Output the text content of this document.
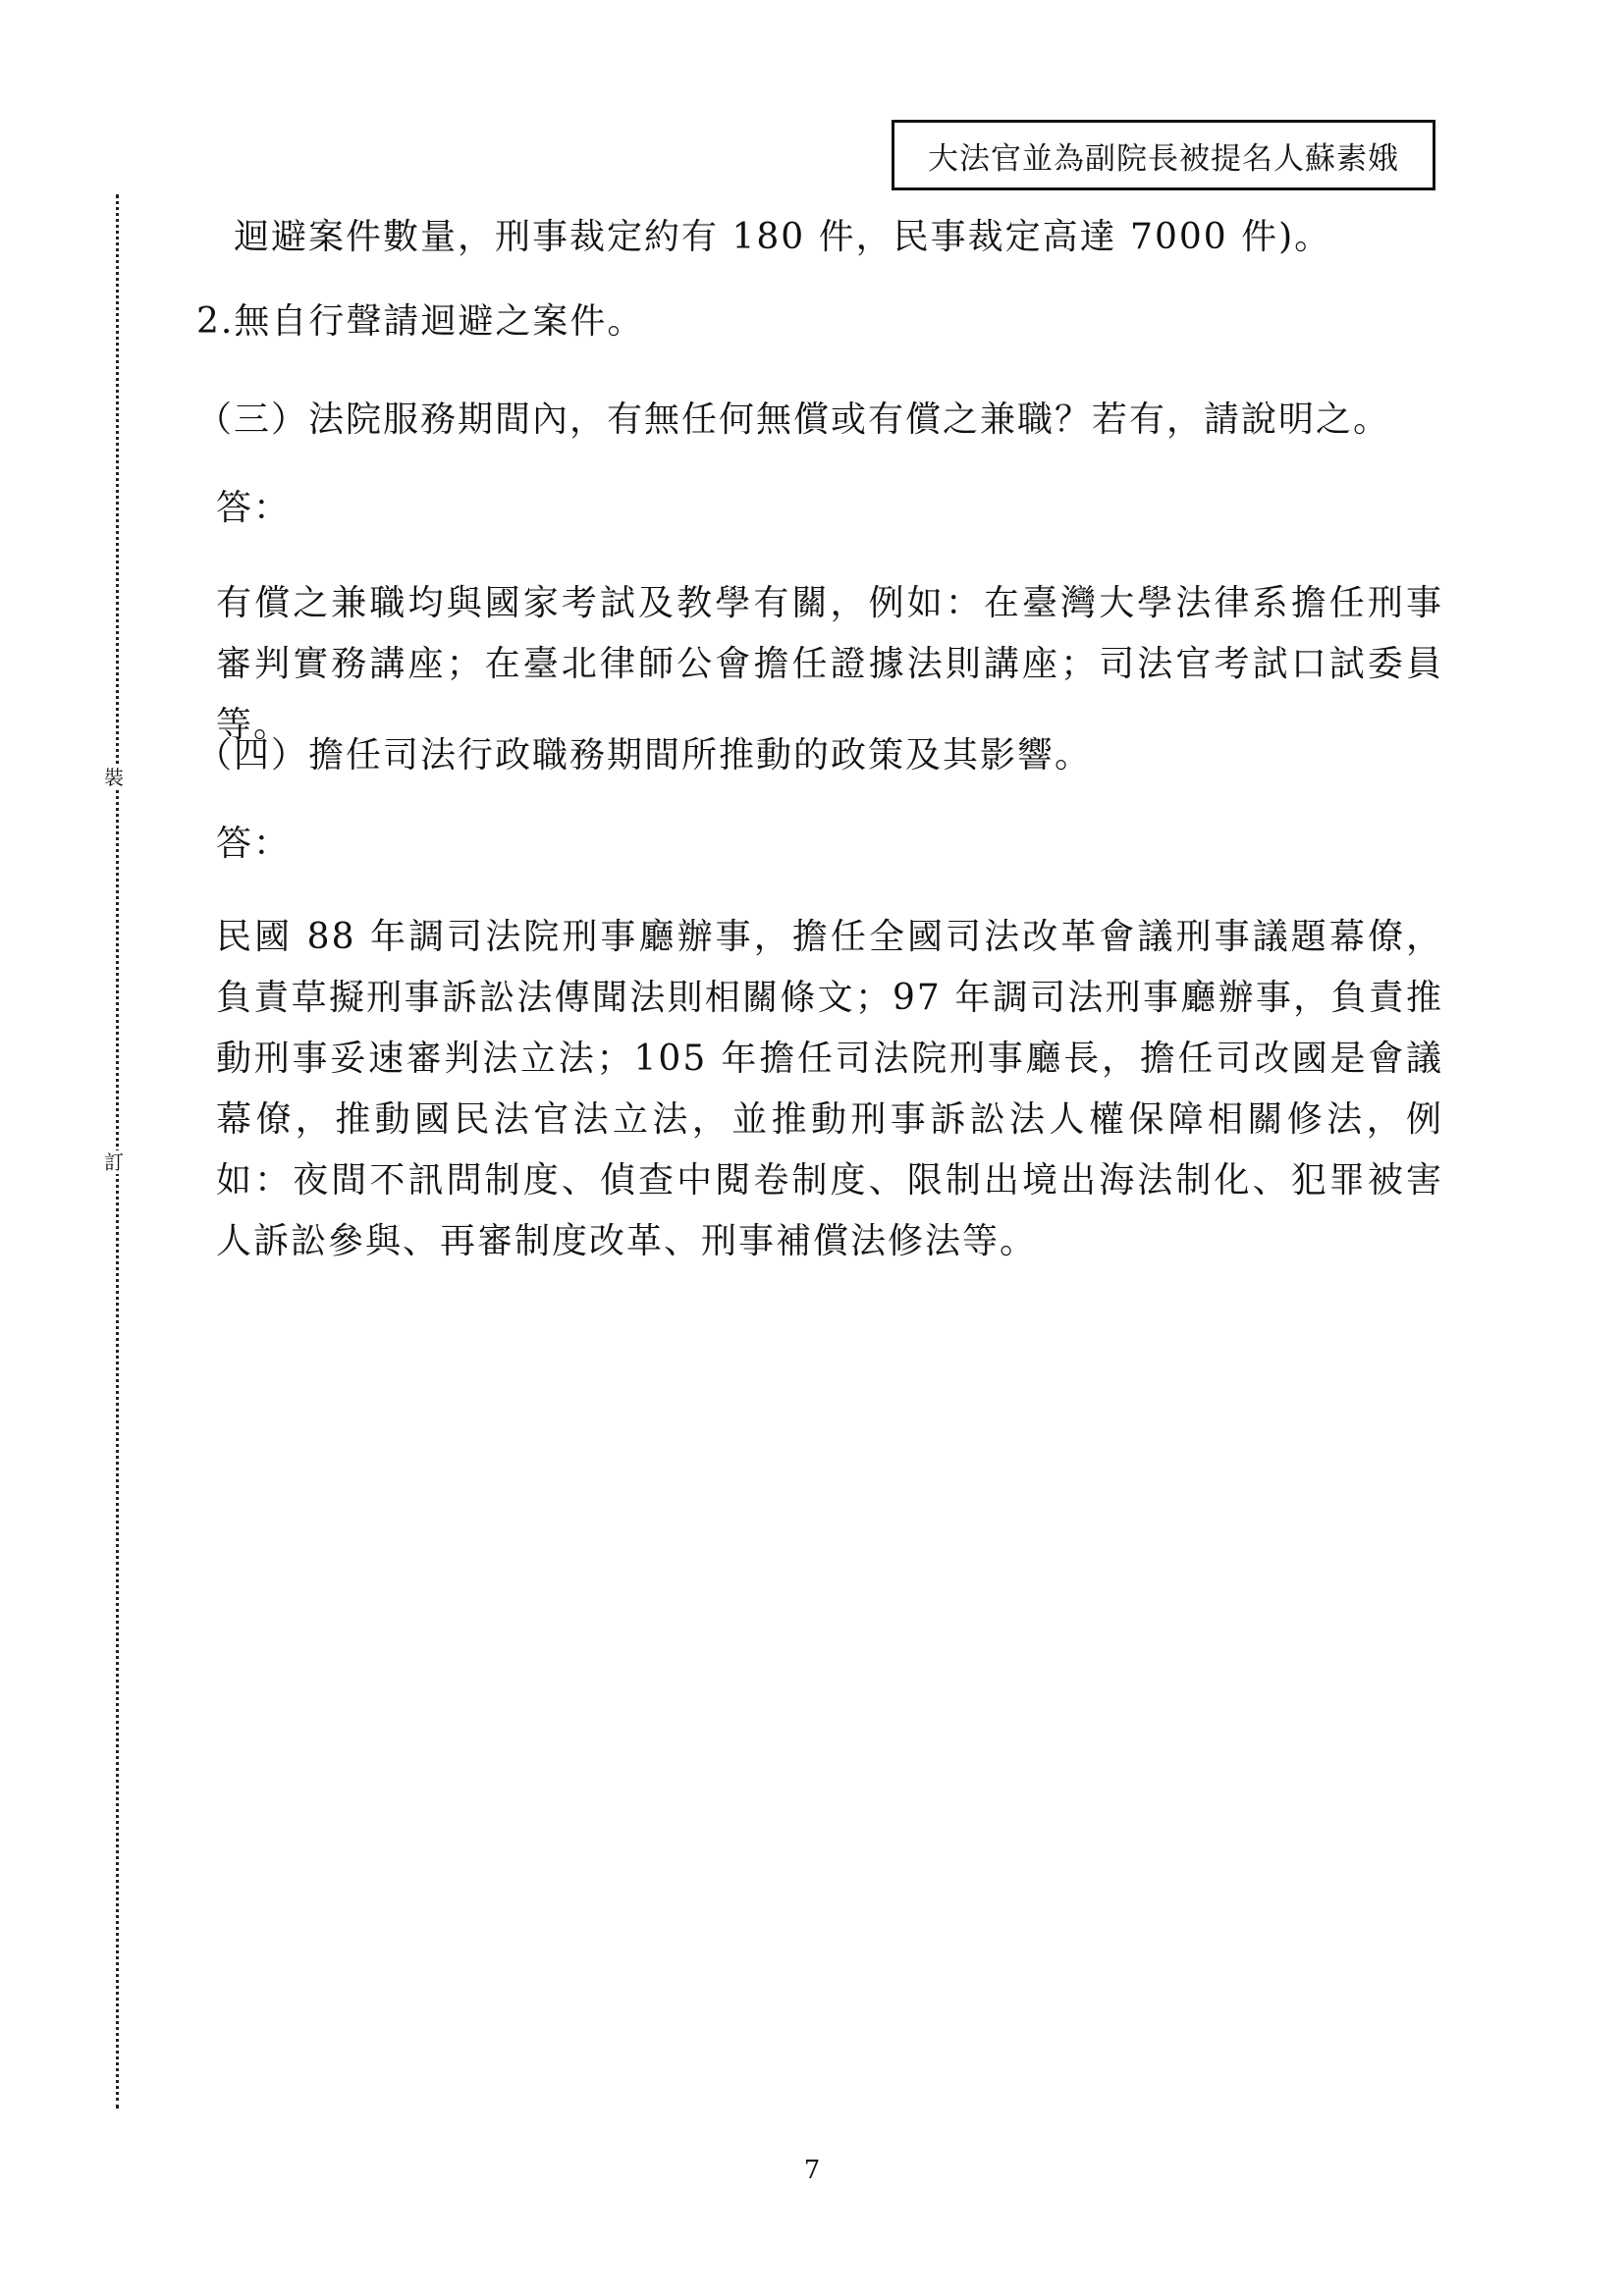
大法官並為副院長被提名人蘇素娥
裝
訂
迴避案件數量，刑事裁定約有 180 件，民事裁定高達 7000 件)。
2.無自行聲請迴避之案件。
（三）法院服務期間內，有無任何無償或有償之兼職？若有，請說明之。
答：
有償之兼職均與國家考試及教學有關，例如：在臺灣大學法律系擔任刑事審判實務講座；在臺北律師公會擔任證據法則講座；司法官考試口試委員等。
（四）擔任司法行政職務期間所推動的政策及其影響。
答：
民國 88 年調司法院刑事廳辦事，擔任全國司法改革會議刑事議題幕僚，負責草擬刑事訴訟法傳聞法則相關條文；97 年調司法刑事廳辦事，負責推動刑事妥速審判法立法；105 年擔任司法院刑事廳長，擔任司改國是會議幕僚，推動國民法官法立法，並推動刑事訴訟法人權保障相關修法，例如：夜間不訊問制度、偵查中閱卷制度、限制出境出海法制化、犯罪被害人訴訟參與、再審制度改革、刑事補償法修法等。
7
